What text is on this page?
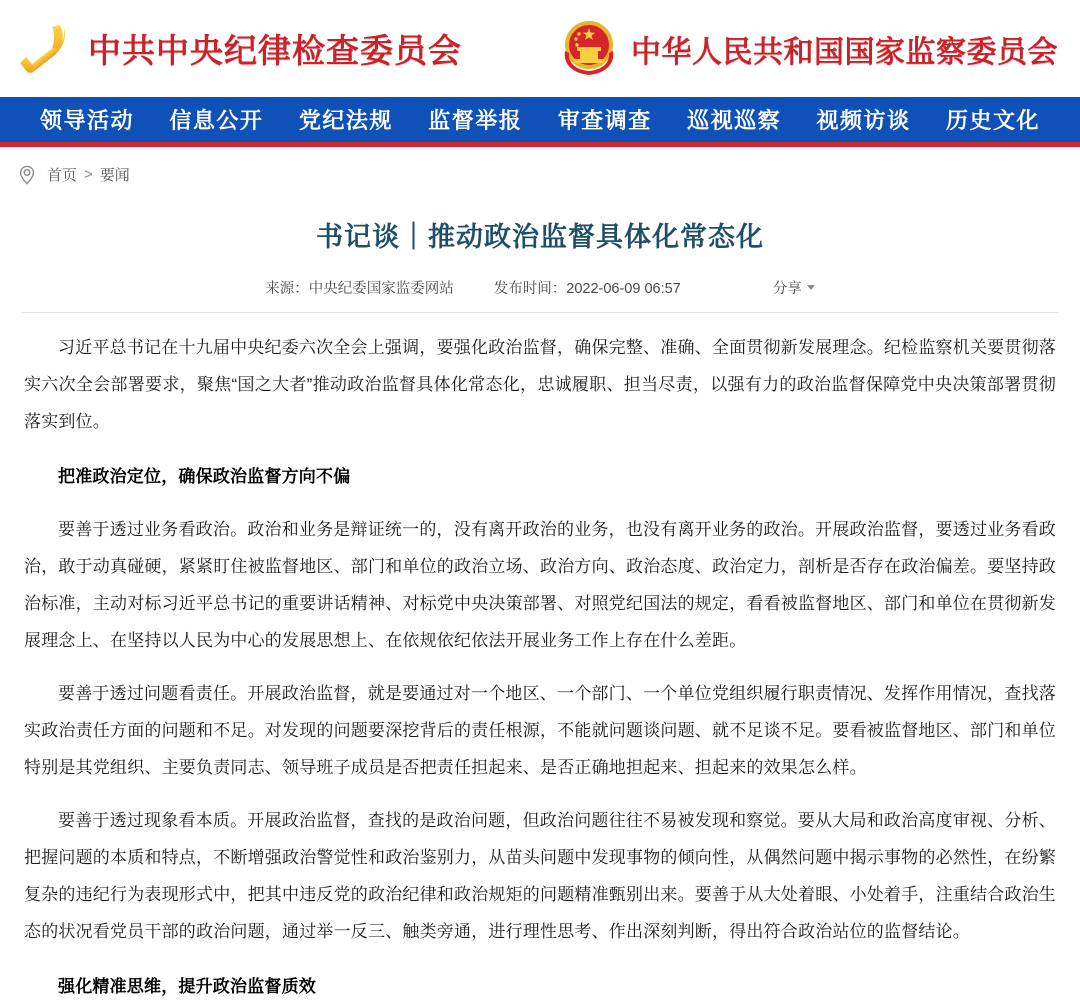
中共中央纪律检查委员会	中华人民共和国国家监察委员会
领导活动 信息公开 党纪法规 监督举报 审查调查 巡视巡察 视频访谈 历史文化
首页 > 要闻
书记谈｜推动政治监督具体化常态化
来源：中央纪委国家监委网站	发布时间：2022-06-09 06:57	分享

习近平总书记在十九届中央纪委六次全会上强调，要强化政治监督，确保完整、准确、全面贯彻新发展理念。纪检监察机关要贯彻落实六次全会部署要求，聚焦“国之大者”推动政治监督具体化常态化，忠诚履职、担当尽责，以强有力的政治监督保障党中央决策部署贯彻落实到位。

把准政治定位，确保政治监督方向不偏

要善于透过业务看政治。政治和业务是辩证统一的，没有离开政治的业务，也没有离开业务的政治。开展政治监督，要透过业务看政治，敢于动真碰硬，紧紧盯住被监督地区、部门和单位的政治立场、政治方向、政治态度、政治定力，剖析是否存在政治偏差。要坚持政治标准，主动对标习近平总书记的重要讲话精神、对标党中央决策部署、对照党纪国法的规定，看看被监督地区、部门和单位在贯彻新发展理念上、在坚持以人民为中心的发展思想上、在依规依纪依法开展业务工作上存在什么差距。

要善于透过问题看责任。开展政治监督，就是要通过对一个地区、一个部门、一个单位党组织履行职责情况、发挥作用情况，查找落实政治责任方面的问题和不足。对发现的问题要深挖背后的责任根源，不能就问题谈问题、就不足谈不足。要看被监督地区、部门和单位特别是其党组织、主要负责同志、领导班子成员是否把责任担起来、是否正确地担起来、担起来的效果怎么样。

要善于透过现象看本质。开展政治监督，查找的是政治问题，但政治问题往往不易被发现和察觉。要从大局和政治高度审视、分析、把握问题的本质和特点，不断增强政治警觉性和政治鉴别力，从苗头问题中发现事物的倾向性，从偶然问题中揭示事物的必然性，在纷繁复杂的违纪行为表现形式中，把其中违反党的政治纪律和政治规矩的问题精准甄别出来。要善于从大处着眼、小处着手，注重结合政治生态的状况看党员干部的政治问题，通过举一反三、触类旁通，进行理性思考、作出深刻判断，得出符合政治站位的监督结论。

强化精准思维，提升政治监督质效
